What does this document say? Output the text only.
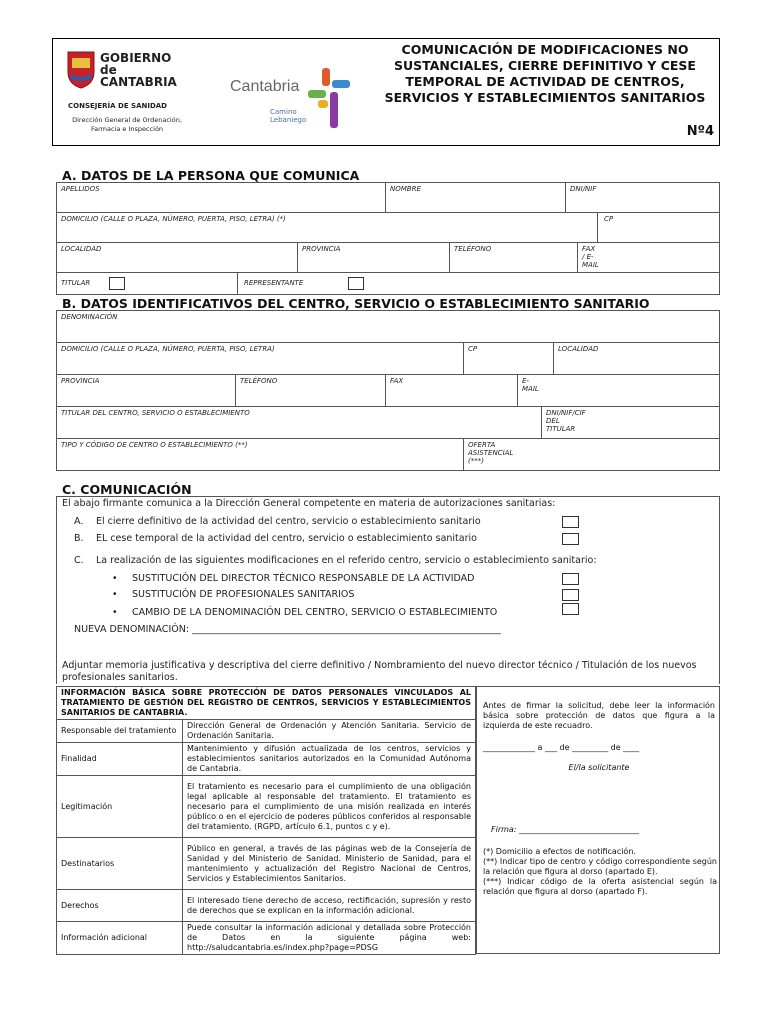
GOBIERNO
de
CANTABRIA
CONSEJERÍA DE SANIDAD
Dirección General de Ordenación,
Farmacia e Inspección
Cantabria
Camino
Lebaniego
COMUNICACIÓN DE MODIFICACIONES NO SUSTANCIALES, CIERRE DEFINITIVO Y CESE TEMPORAL DE ACTIVIDAD DE CENTROS, SERVICIOS Y ESTABLECIMIENTOS SANITARIOS
Nº4
A. DATOS DE LA PERSONA QUE COMUNICA
APELLIDOS	NOMBRE	DNI/NIF
DOMICILIO (CALLE O PLAZA, NÚMERO, PUERTA, PISO, LETRA) (*)	CP
LOCALIDAD	PROVINCIA	TELÉFONO	FAX / E-MAIL
TITULAR	REPRESENTANTE
B. DATOS IDENTIFICATIVOS DEL CENTRO, SERVICIO O ESTABLECIMIENTO SANITARIO
DENOMINACIÓN
DOMICILIO (CALLE O PLAZA, NÚMERO, PUERTA, PISO, LETRA)	CP	LOCALIDAD
PROVINCIA	TELÉFONO	FAX	E-MAIL
TITULAR DEL CENTRO, SERVICIO O ESTABLECIMIENTO	DNI/NIF/CIF DEL TITULAR
TIPO Y CÓDIGO DE CENTRO O ESTABLECIMIENTO (**)	OFERTA ASISTENCIAL (***)
C. COMUNICACIÓN
El abajo firmante comunica a la Dirección General competente en materia de autorizaciones sanitarias:
A. El cierre definitivo de la actividad del centro, servicio o establecimiento sanitario
B. EL cese temporal de la actividad del centro, servicio o establecimiento sanitario
C. La realización de las siguientes modificaciones en el referido centro, servicio o establecimiento sanitario:
• SUSTITUCIÓN DEL DIRECTOR TÉCNICO RESPONSABLE DE LA ACTIVIDAD
• SUSTITUCIÓN DE PROFESIONALES SANITARIOS
• CAMBIO DE LA DENOMINACIÓN DEL CENTRO, SERVICIO O ESTABLECIMIENTO
NUEVA DENOMINACIÓN: _________________________________________________________________
Adjuntar memoria justificativa y descriptiva del cierre definitivo / Nombramiento del nuevo director técnico / Titulación de los nuevos profesionales sanitarios.
INFORMACIÓN BÁSICA SOBRE PROTECCIÓN DE DATOS PERSONALES VINCULADOS AL TRATAMIENTO DE GESTIÓN DEL REGISTRO DE CENTROS, SERVICIOS Y ESTABLECIMIENTOS SANITARIOS DE CANTABRIA.	
Responsable del tratamiento	Dirección General de Ordenación y Atención Sanitaria. Servicio de Ordenación Sanitaria.
Finalidad	Mantenimiento y difusión actualizada de los centros, servicios y establecimientos sanitarios autorizados en la Comunidad Autónoma de Cantabria.
Legitimación	El tratamiento es necesario para el cumplimiento de una obligación legal aplicable al responsable del tratamiento. El tratamiento es necesario para el cumplimiento de una misión realizada en interés público o en el ejercicio de poderes públicos conferidos al responsable del tratamiento. (RGPD, artículo 6.1, puntos c y e).
Destinatarios	Público en general, a través de las páginas web de la Consejería de Sanidad y del Ministerio de Sanidad. Ministerio de Sanidad, para el mantenimiento y actualización del Registro Nacional de Centros, Servicios y Establecimientos Sanitarios.
Derechos	El interesado tiene derecho de acceso, rectificación, supresión y resto de derechos que se explican en la información adicional.
Información adicional	Puede consultar la información adicional y detallada sobre Protección de Datos en la siguiente página web: http://saludcantabria.es/index.php?page=PDSG
Antes de firmar la solicitud, debe leer la información básica sobre protección de datos que figura a la izquierda de este recuadro.
_____________ a ___ de _________ de ____
El/la solicitante
Firma: ______________________________
(*) Domicilio a efectos de notificación.
(**) Indicar tipo de centro y código correspondiente según la relación que figura al dorso (apartado E).
(***) Indicar código de la oferta asistencial según la relación que figura al dorso (apartado F).
